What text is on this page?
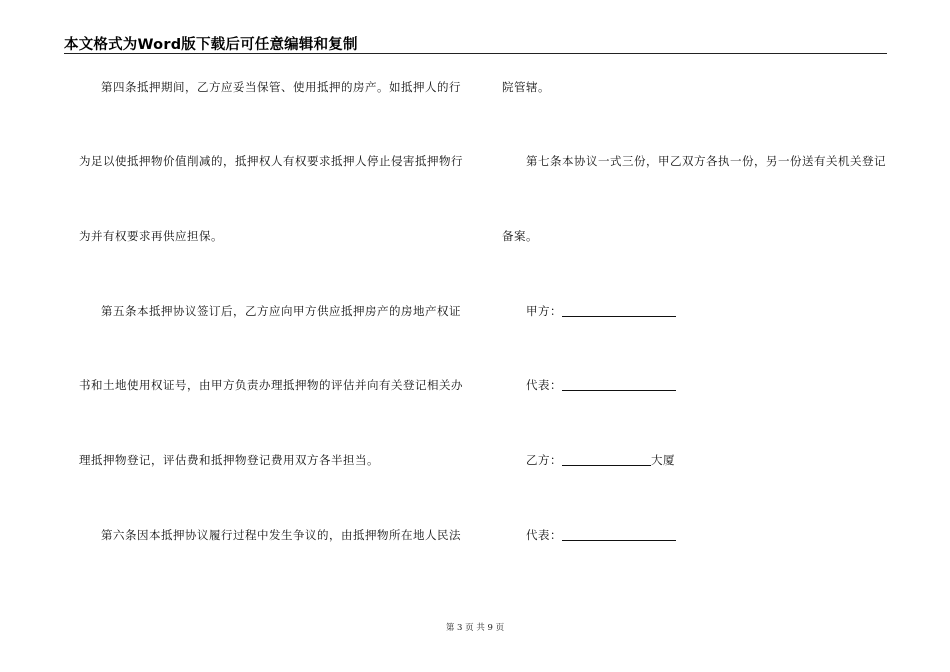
本文格式为Word版下载后可任意编辑和复制
第四条抵押期间，乙方应妥当保管、使用抵押的房产。如抵押人的行
为足以使抵押物价值削减的，抵押权人有权要求抵押人停止侵害抵押物行
为并有权要求再供应担保。
第五条本抵押协议签订后，乙方应向甲方供应抵押房产的房地产权证
书和土地使用权证号，由甲方负责办理抵押物的评估并向有关登记相关办
理抵押物登记，评估费和抵押物登记费用双方各半担当。
第六条因本抵押协议履行过程中发生争议的，由抵押物所在地人民法
院管辖。
第七条本协议一式三份，甲乙双方各执一份，另一份送有关机关登记
备案。
甲方：
代表：
乙方：	大厦
代表：
第 3 页 共 9 页
